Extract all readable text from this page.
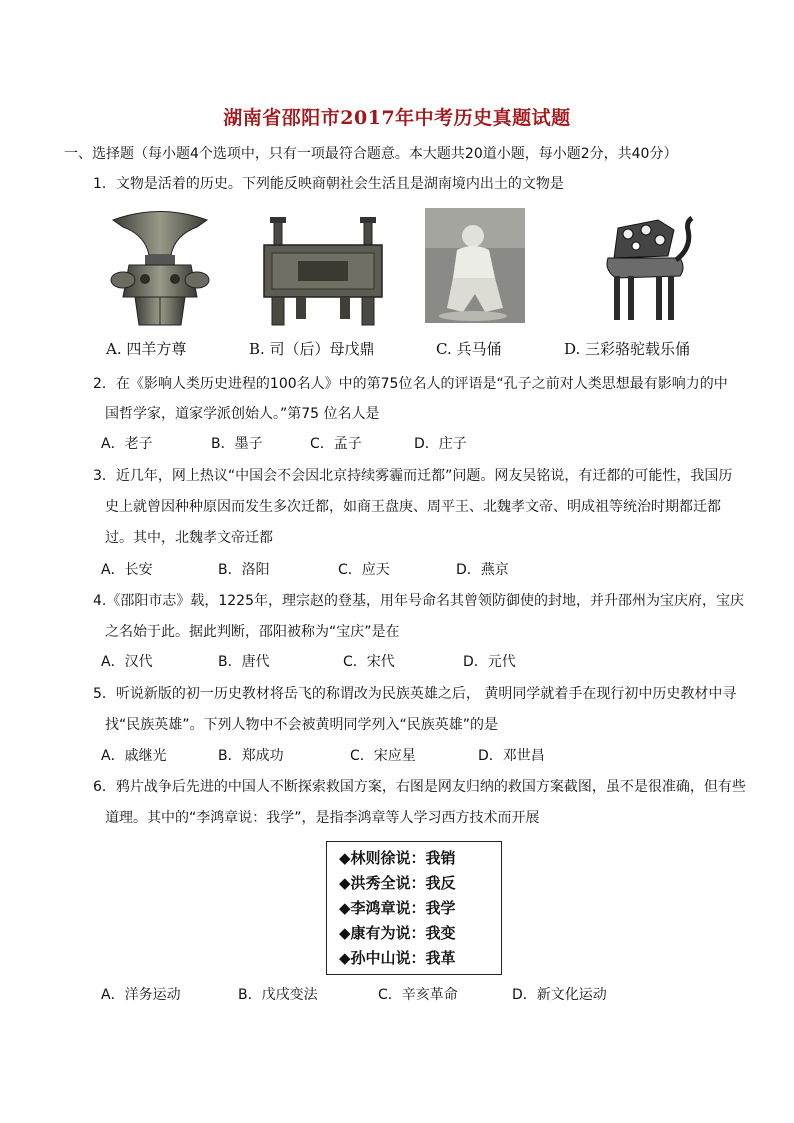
湖南省邵阳市2017年中考历史真题试题
一、选择题（每小题4个选项中，只有一项最符合题意。本大题共20道小题，每小题2分，共40分）
1．文物是活着的历史。下列能反映商朝社会生活且是湖南境内出土的文物是
A. 四羊方尊	B. 司（后）母戊鼎	C. 兵马俑	D. 三彩骆驼载乐俑
2．在《影响人类历史进程的100名人》中的第75位名人的评语是“孔子之前对人类思想最有影响力的中
国哲学家，道家学派创始人。”第75 位名人是
A．老子	B．墨子	C．孟子	D．庄子
3．近几年，网上热议“中国会不会因北京持续雾霾而迁都”问题。网友吴铭说，有迁都的可能性，我国历
史上就曾因种种原因而发生多次迁都，如商王盘庚、周平王、北魏孝文帝、明成祖等统治时期都迁都
过。其中，北魏孝文帝迁都
A．长安	B．洛阳	C．应天	D．燕京
4.《邵阳市志》载，1225年，理宗赵的登基，用年号命名其曾领防御使的封地，并升邵州为宝庆府，宝庆
之名始于此。据此判断，邵阳被称为“宝庆”是在
A．汉代	B．唐代	C．宋代	D．元代
5．听说新版的初一历史教材将岳飞的称谓改为民族英雄之后， 黄明同学就着手在现行初中历史教材中寻
找“民族英雄”。下列人物中不会被黄明同学列入“民族英雄”的是
A．戚继光	B．郑成功	C．宋应星	D．邓世昌
6．鸦片战争后先进的中国人不断探索救国方案，右图是网友归纳的救国方案截图，虽不是很准确，但有些
道理。其中的“李鸿章说：我学”，是指李鸿章等人学习西方技术而开展
◆林则徐说：我销
◆洪秀全说：我反
◆李鸿章说：我学
◆康有为说：我变
◆孙中山说：我革
A．洋务运动	B．戊戌变法	C．辛亥革命	D．新文化运动
